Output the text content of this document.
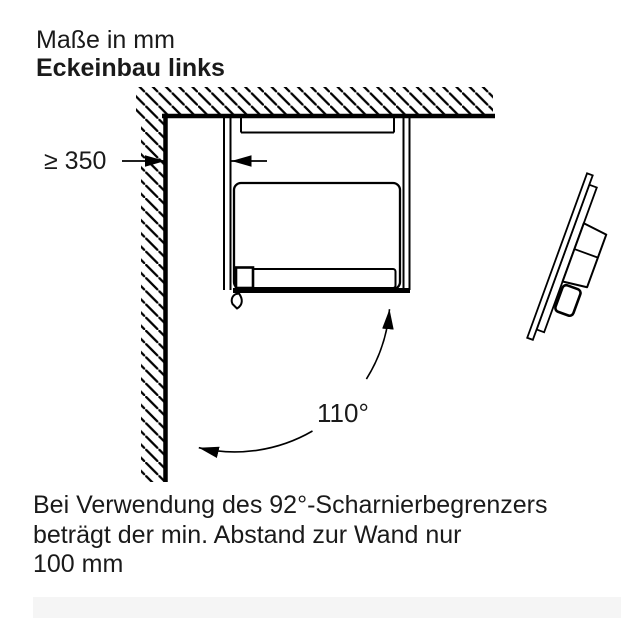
Maße in mm
Eckeinbau links
≥ 350
110°
Bei Verwendung des 92°-Scharnierbegrenzers
beträgt der min. Abstand zur Wand nur
100 mm
